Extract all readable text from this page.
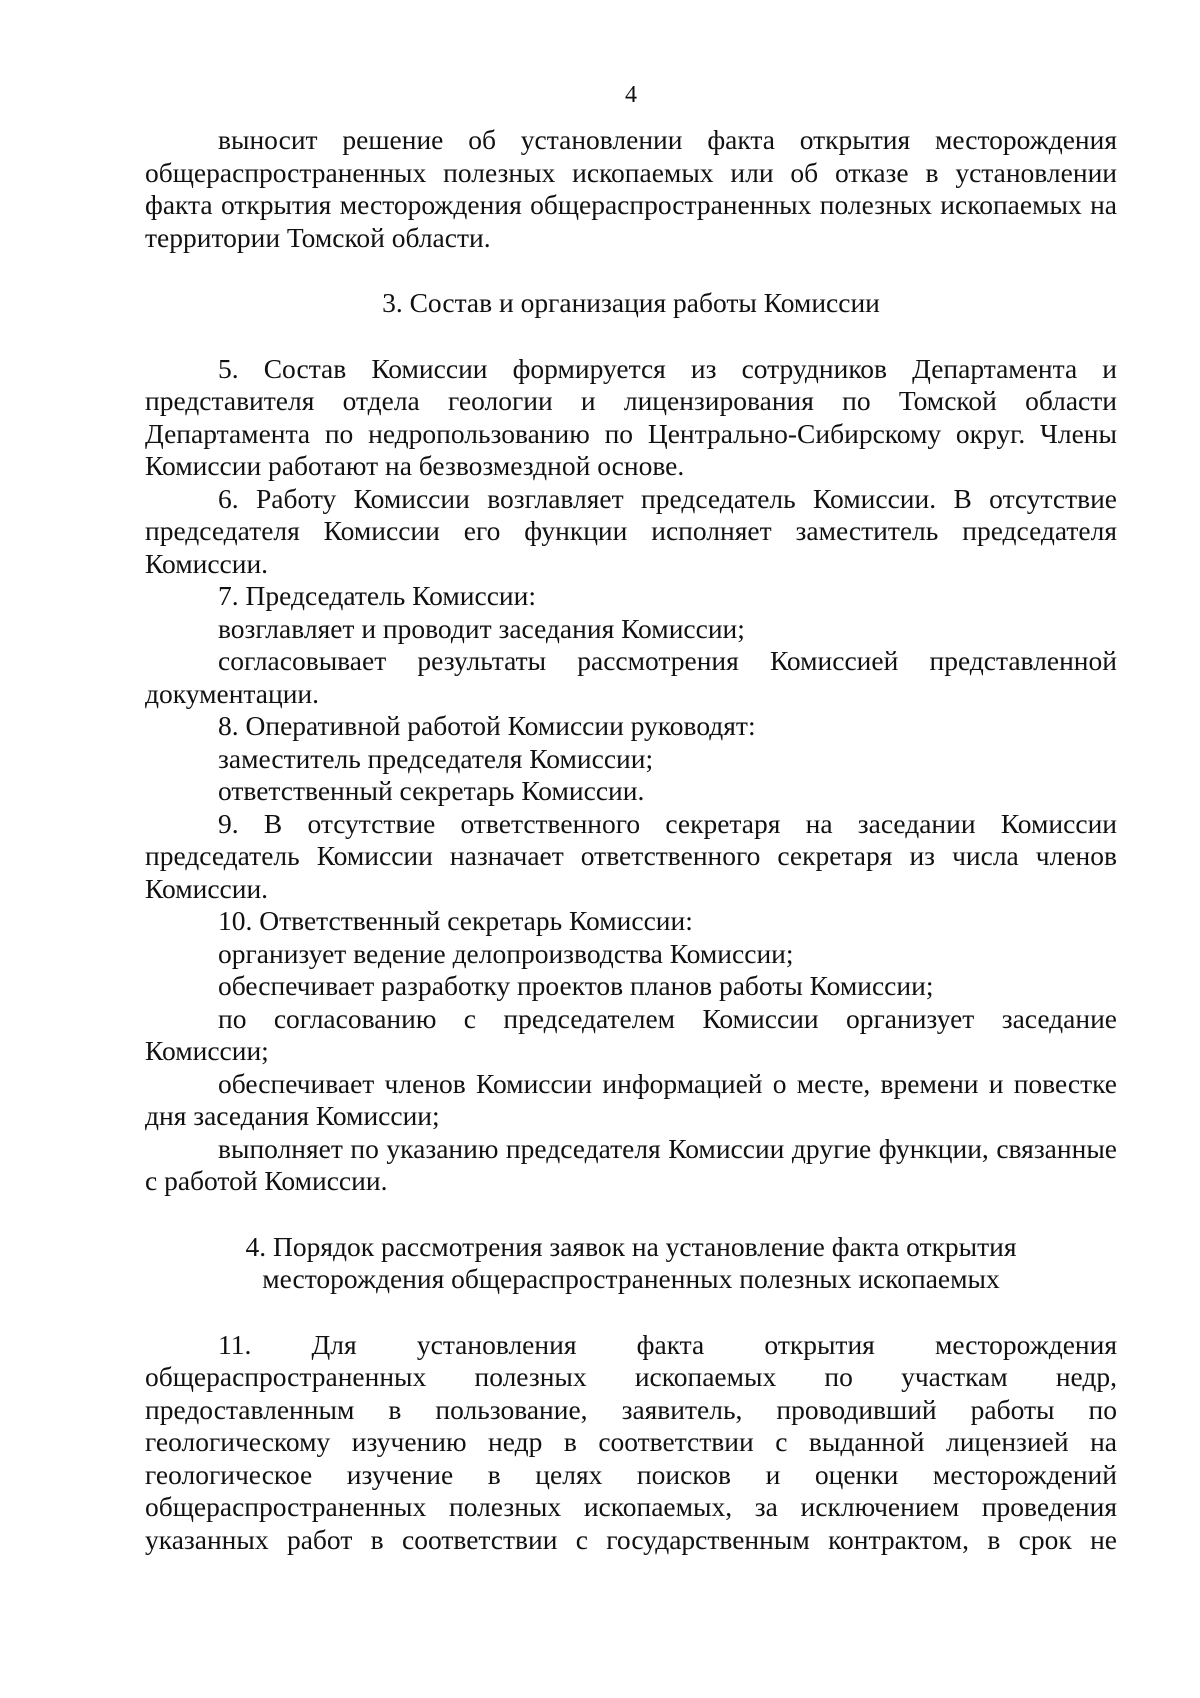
4

выносит решение об установлении факта открытия месторождения общераспространенных полезных ископаемых или об отказе в установлении факта открытия месторождения общераспространенных полезных ископаемых на территории Томской области.

3. Состав и организация работы Комиссии

5. Состав Комиссии формируется из сотрудников Департамента и представителя отдела геологии и лицензирования по Томской области Департамента по недропользованию по Центрально-Сибирскому округ. Члены Комиссии работают на безвозмездной основе.

6. Работу Комиссии возглавляет председатель Комиссии. В отсутствие председателя Комиссии его функции исполняет заместитель председателя Комиссии.

7. Председатель Комиссии:

возглавляет и проводит заседания Комиссии;

согласовывает результаты рассмотрения Комиссией представленной документации.

8. Оперативной работой Комиссии руководят:

заместитель председателя Комиссии;

ответственный секретарь Комиссии.

9. В отсутствие ответственного секретаря на заседании Комиссии председатель Комиссии назначает ответственного секретаря из числа членов Комиссии.

10. Ответственный секретарь Комиссии:

организует ведение делопроизводства Комиссии;

обеспечивает разработку проектов планов работы Комиссии;

по согласованию с председателем Комиссии организует заседание Комиссии;

обеспечивает членов Комиссии информацией о месте, времени и повестке дня заседания Комиссии;

выполняет по указанию председателя Комиссии другие функции, связанные с работой Комиссии.

4. Порядок рассмотрения заявок на установление факта открытия
месторождения общераспространенных полезных ископаемых

11. Для установления факта открытия месторождения общераспространенных полезных ископаемых по участкам недр, предоставленным в пользование, заявитель, проводивший работы по геологическому изучению недр в соответствии с выданной лицензией на геологическое изучение в целях поисков и оценки месторождений общераспространенных полезных ископаемых, за исключением проведения указанных работ в соответствии с государственным контрактом, в срок не
